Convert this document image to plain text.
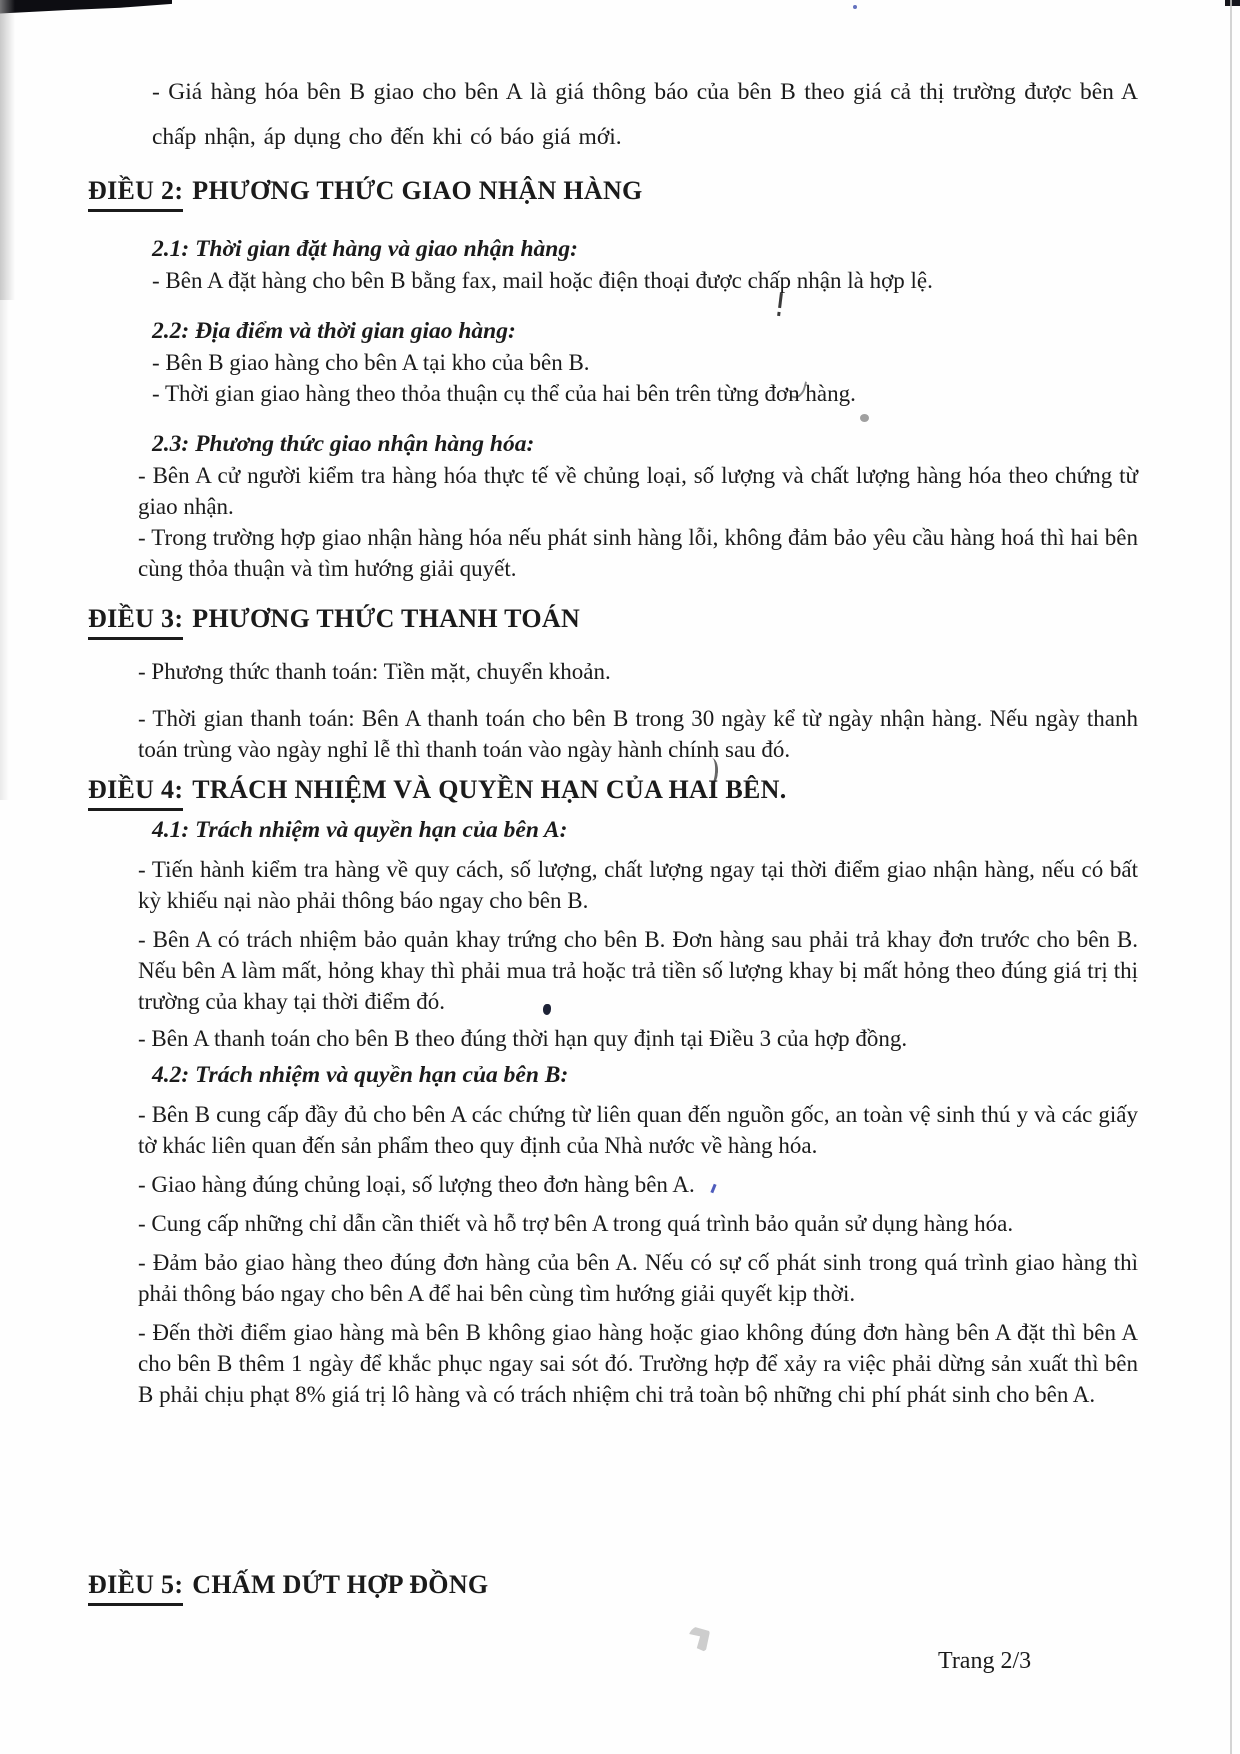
- Giá hàng hóa bên B giao cho bên A là giá thông báo của bên B theo giá cả thị trường được bên A chấp nhận, áp dụng cho đến khi có báo giá mới.

ĐIỀU 2: PHƯƠNG THỨC GIAO NHẬN HÀNG
2.1: Thời gian đặt hàng và giao nhận hàng:

- Bên A đặt hàng cho bên B bằng fax, mail hoặc điện thoại được chấp nhận là hợp lệ.

2.2: Địa điểm và thời gian giao hàng:

- Bên B giao hàng cho bên A tại kho của bên B.

- Thời gian giao hàng theo thỏa thuận cụ thể của hai bên trên từng đơn hàng.

2.3: Phương thức giao nhận hàng hóa:

- Bên A cử người kiểm tra hàng hóa thực tế về chủng loại, số lượng và chất lượng hàng hóa theo chứng từ giao nhận.

- Trong trường hợp giao nhận hàng hóa nếu phát sinh hàng lỗi, không đảm bảo yêu cầu hàng hoá thì hai bên cùng thỏa thuận và tìm hướng giải quyết.

ĐIỀU 3: PHƯƠNG THỨC THANH TOÁN

- Phương thức thanh toán: Tiền mặt, chuyển khoản.

- Thời gian thanh toán: Bên A thanh toán cho bên B trong 30 ngày kể từ ngày nhận hàng. Nếu ngày thanh toán trùng vào ngày nghỉ lễ thì thanh toán vào ngày hành chính sau đó.

ĐIỀU 4: TRÁCH NHIỆM VÀ QUYỀN HẠN CỦA HAI BÊN.
4.1: Trách nhiệm và quyền hạn của bên A:

- Tiến hành kiểm tra hàng về quy cách, số lượng, chất lượng ngay tại thời điểm giao nhận hàng, nếu có bất kỳ khiếu nại nào phải thông báo ngay cho bên B.

- Bên A có trách nhiệm bảo quản khay trứng cho bên B. Đơn hàng sau phải trả khay đơn trước cho bên B. Nếu bên A làm mất, hỏng khay thì phải mua trả hoặc trả tiền số lượng khay bị mất hỏng theo đúng giá trị thị trường của khay tại thời điểm đó.

- Bên A thanh toán cho bên B theo đúng thời hạn quy định tại Điều 3 của hợp đồng.

4.2: Trách nhiệm và quyền hạn của bên B:

- Bên B cung cấp đầy đủ cho bên A các chứng từ liên quan đến nguồn gốc, an toàn vệ sinh thú y và các giấy tờ khác liên quan đến sản phẩm theo quy định của Nhà nước về hàng hóa.

- Giao hàng đúng chủng loại, số lượng theo đơn hàng bên A.

- Cung cấp những chỉ dẫn cần thiết và hỗ trợ bên A trong quá trình bảo quản sử dụng hàng hóa.

- Đảm bảo giao hàng theo đúng đơn hàng của bên A. Nếu có sự cố phát sinh trong quá trình giao hàng thì phải thông báo ngay cho bên A để hai bên cùng tìm hướng giải quyết kịp thời.

- Đến thời điểm giao hàng mà bên B không giao hàng hoặc giao không đúng đơn hàng bên A đặt thì bên A cho bên B thêm 1 ngày để khắc phục ngay sai sót đó. Trường hợp để xảy ra việc phải dừng sản xuất thì bên B phải chịu phạt 8% giá trị lô hàng và có trách nhiệm chi trả toàn bộ những chi phí phát sinh cho bên A.

ĐIỀU 5: CHẤM DỨT HỢP ĐỒNG
Trang 2/3
